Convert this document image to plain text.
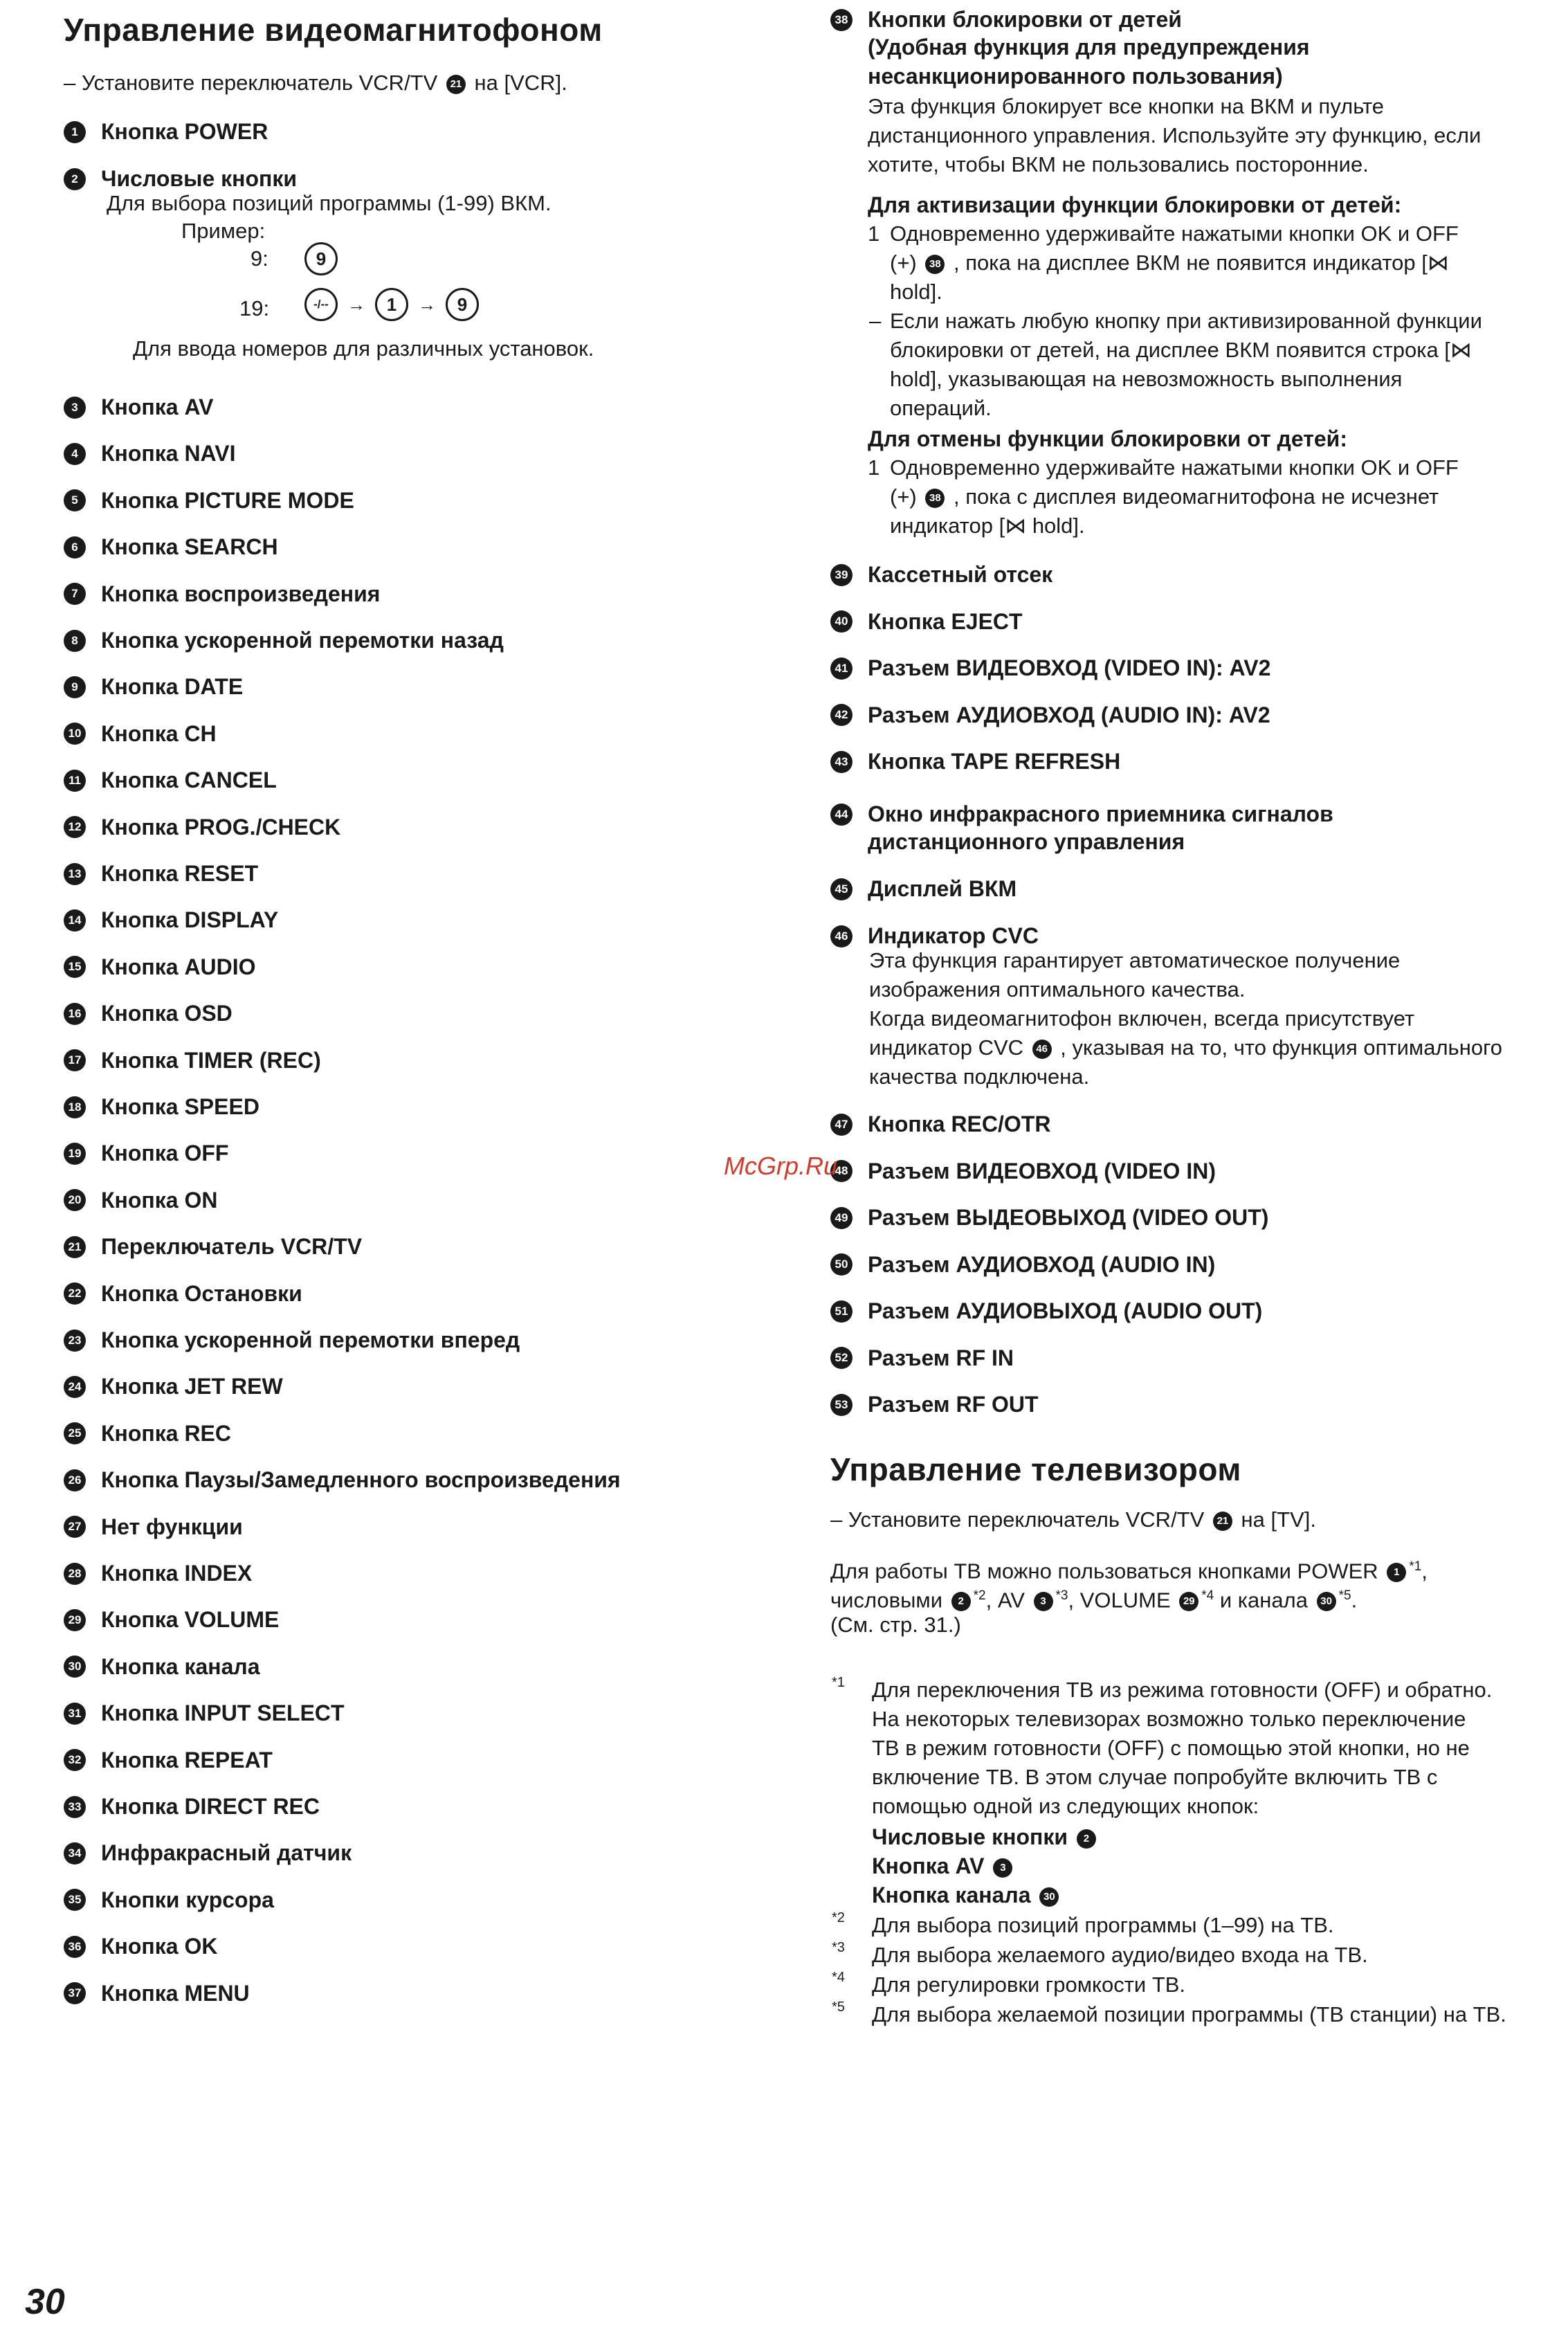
Управление видеомагнитофоном
– Установите переключатель VCR/TV 21 на [VCR].
1	Кнопка POWER
2	Числовые кнопки
Для выбора позиций программы (1-99) ВКМ.
Пример:
9:	9
19:	-/--	→	1	→	9
Для ввода номеров для различных установок.
3	Кнопка AV
4	Кнопка NAVI
5	Кнопка PICTURE MODE
6	Кнопка SEARCH
7	Кнопка воспроизведения
8	Кнопка ускоренной перемотки назад
9	Кнопка DATE
10 Кнопка CH
11 Кнопка CANCEL
12 Кнопка PROG./CHECK
13 Кнопка RESET
14 Кнопка DISPLAY
15 Кнопка AUDIO
16 Кнопка OSD
17 Кнопка TIMER (REC)
18 Кнопка SPEED
19 Кнопка OFF
20 Кнопка ON
21 Переключатель VCR/TV
22 Кнопка Остановки
23 Кнопка ускоренной перемотки вперед
24 Кнопка JET REW
25 Кнопка REC
26 Кнопка Паузы/Замедленного воспроизведения
27 Нет функции
28 Кнопка INDEX
29 Кнопка VOLUME
30 Кнопка канала
31 Кнопка INPUT SELECT
32 Кнопка REPEAT
33 Кнопка DIRECT REC
34 Инфракрасный датчик
35 Кнопки курсора
36 Кнопка OK
37 Кнопка MENU
38 Кнопки блокировки от детей
(Удобная функция для предупреждения
несанкционированного пользования)
Эта функция блокирует все кнопки на ВКМ и пульте
дистанционного управления. Используйте эту функцию, если
хотите, чтобы ВКМ не пользовались посторонние.
Для активизации функции блокировки от детей:
1 Одновременно удерживайте нажатыми кнопки OK и OFF
(+) 38 , пока на дисплее ВКМ не появится индикатор [⋈
hold].
– Если нажать любую кнопку при активизированной функции
блокировки от детей, на дисплее ВКМ появится строка [⋈
hold], указывающая на невозможность выполнения
операций.
Для отмены функции блокировки от детей:
1 Одновременно удерживайте нажатыми кнопки OK и OFF
(+) 38 , пока с дисплея видеомагнитофона не исчезнет
индикатор [⋈ hold].
39 Кассетный отсек
40 Кнопка EJECT
41 Разъем ВИДЕОВХОД (VIDEO IN): AV2
42 Разъем АУДИОВХОД (AUDIO IN): AV2
43 Кнопка TAPE REFRESH
44 Окно инфракрасного приемника сигналов
дистанционного управления
45 Дисплей ВКМ
46 Индикатор CVC
Эта функция гарантирует автоматическое получение
изображения оптимального качества.
Когда видеомагнитофон включен, всегда присутствует
индикатор CVC 46 , указывая на то, что функция оптимального
качества подключена.
47 Кнопка REC/OTR
48 Разъем ВИДЕОВХОД (VIDEO IN)
49 Разъем ВЫДЕОВЫХОД (VIDEO OUT)
50 Разъем АУДИОВХОД (AUDIO IN)
51 Разъем АУДИОВЫХОД (AUDIO OUT)
52 Разъем RF IN
53 Разъем RF OUT
Управление телевизором
– Установите переключатель VCR/TV 21 на [TV].
Для работы ТВ можно пользоваться кнопками POWER 1 $^{*1}$,
числовыми 2 $^{*2}$, AV 3 $^{*3}$, VOLUME 29 $^{*4}$ и канала 30 $^{*5}$.
(См. стр. 31.)
*1 Для переключения ТВ из режима готовности (OFF) и обратно.
На некоторых телевизорах возможно только переключение
ТВ в режим готовности (OFF) с помощью этой кнопки, но не
включение ТВ. В этом случае попробуйте включить ТВ с
помощью одной из следующих кнопок:
Числовые кнопки 2
Кнопка AV 3
Кнопка канала 30
*2 Для выбора позиций программы (1–99) на ТВ.
*3 Для выбора желаемого аудио/видео входа на ТВ.
*4 Для регулировки громкости ТВ.
*5 Для выбора желаемой позиции программы (ТВ станции) на ТВ.
McGrp.Ru
30
